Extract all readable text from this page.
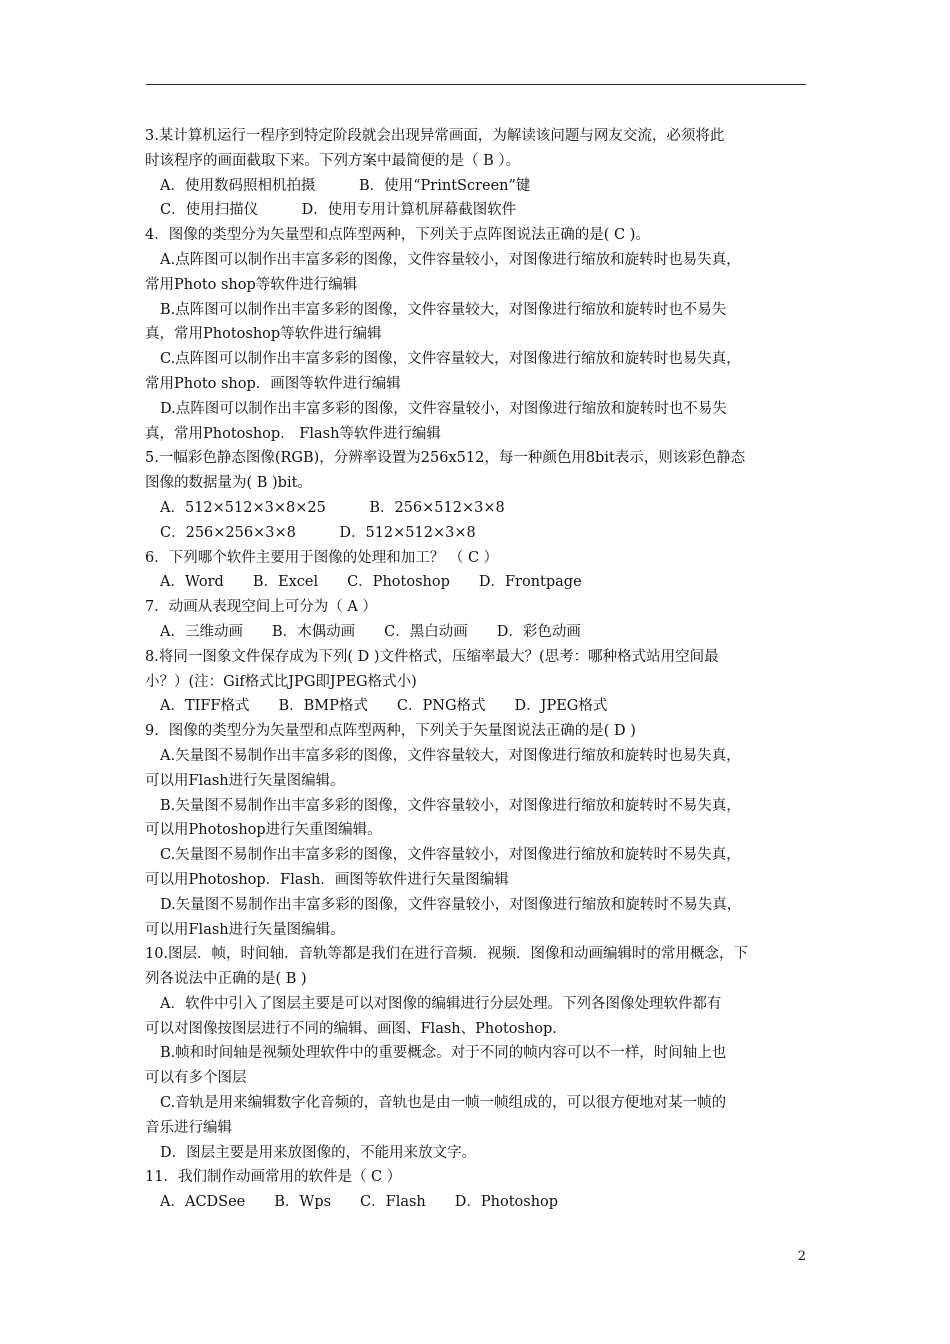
3.某计算机运行一程序到特定阶段就会出现异常画面，为解读该问题与网友交流，必须将此
时该程序的画面截取下来。下列方案中最简便的是（ B ）。
A．使用数码照相机拍摄　　　B．使用“PrintScreen”键
C．使用扫描仪　　　D．使用专用计算机屏幕截图软件
4．图像的类型分为矢量型和点阵型两种，下列关于点阵图说法正确的是( C )。
A.点阵图可以制作出丰富多彩的图像，文件容量较小，对图像进行缩放和旋转时也易失真，
常用Photo shop等软件进行编辑
B.点阵图可以制作出丰富多彩的图像，文件容量较大，对图像进行缩放和旋转时也不易失
真，常用Photoshop等软件进行编辑
C.点阵图可以制作出丰富多彩的图像，文件容量较大，对图像进行缩放和旋转时也易失真，
常用Photo shop．画图等软件进行编辑
D.点阵图可以制作出丰富多彩的图像，文件容量较小，对图像进行缩放和旋转时也不易失
真，常用Photoshop． Flash等软件进行编辑
5.一幅彩色静态图像(RGB)，分辨率设置为256x512，每一种颜色用8bit表示，则该彩色静态
图像的数据量为( B )bit。
A．512×512×3×8×25　　　B．256×512×3×8
C．256×256×3×8　　　D．512×512×3×8
6．下列哪个软件主要用于图像的处理和加工？ （ C ）
A．Word　　B．Excel　　C．Photoshop　　D．Frontpage
7．动画从表现空间上可分为（ A ）
A．三维动画　　B．木偶动画　　C．黑白动画　　D．彩色动画
8.将同一图象文件保存成为下列( D )文件格式，压缩率最大？(思考：哪种格式站用空间最
小？）(注：Gif格式比JPG即JPEG格式小)
A．TIFF格式　　B．BMP格式　　C．PNG格式　　D．JPEG格式
9．图像的类型分为矢量型和点阵型两种，下列关于矢量图说法正确的是( D )
A.矢量图不易制作出丰富多彩的图像，文件容量较大，对图像进行缩放和旋转时也易失真，
可以用Flash进行矢量图编辑。
B.矢量图不易制作出丰富多彩的图像，文件容量较小，对图像进行缩放和旋转时不易失真，
可以用Photoshop进行矢重图编辑。
C.矢量图不易制作出丰富多彩的图像，文件容量较小，对图像进行缩放和旋转时不易失真，
可以用Photoshop．Flash．画图等软件进行矢量图编辑
D.矢量图不易制作出丰富多彩的图像，文件容量较小，对图像进行缩放和旋转时不易失真，
可以用Flash进行矢量图编辑。
10.图层．帧，时间轴．音轨等都是我们在进行音频．视频．图像和动画编辑时的常用概念，下
列各说法中正确的是( B )
A．软件中引入了图层主要是可以对图像的编辑进行分层处理。下列各图像处理软件都有
可以对图像按图层进行不同的编辑、画图、Flash、Photoshop.
B.帧和时间轴是视频处理软件中的重要概念。对于不同的帧内容可以不一样，时间轴上也
可以有多个图层
C.音轨是用来编辑数字化音频的，音轨也是由一帧一帧组成的，可以很方便地对某一帧的
音乐进行编辑
D．图层主要是用来放图像的，不能用来放文字。
11．我们制作动画常用的软件是（ C ）
A．ACDSee　　B．Wps　　C．Flash　　D．Photoshop
2
